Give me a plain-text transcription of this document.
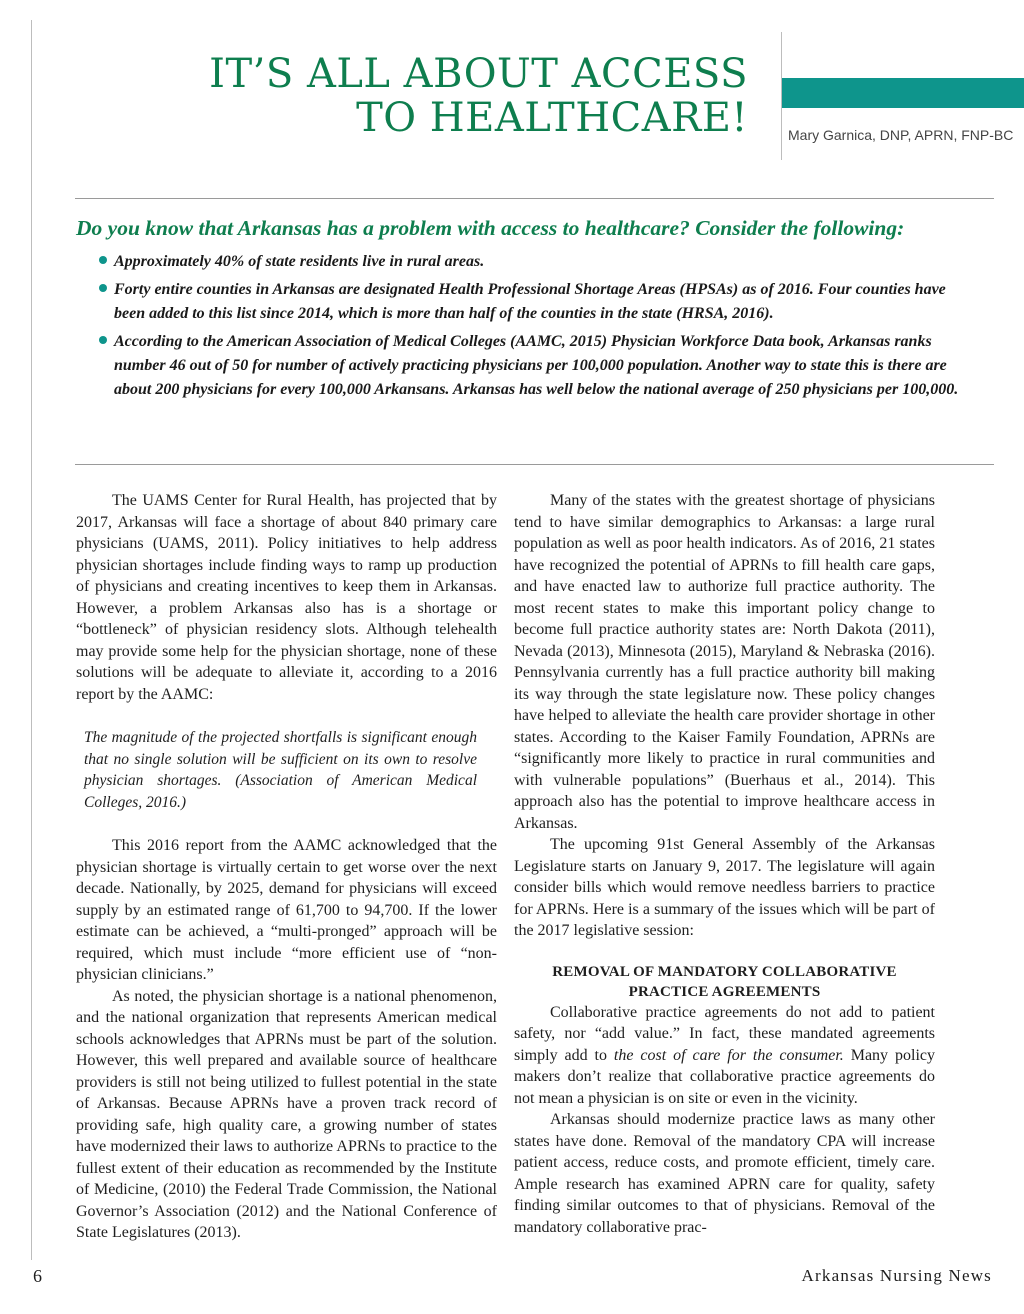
IT’S ALL ABOUT ACCESS
TO HEALTHCARE!	Mary Garnica, DNP, APRN, FNP-BC

Do you know that Arkansas has a problem with access to healthcare? Consider the following:

Approximately 40% of state residents live in rural areas.
Forty entire counties in Arkansas are designated Health Professional Shortage Areas (HPSAs) as of 2016. Four counties have been added to this list since 2014, which is more than half of the counties in the state (HRSA, 2016).
According to the American Association of Medical Colleges (AAMC, 2015) Physician Workforce Data book, Arkansas ranks number 46 out of 50 for number of actively practicing physicians per 100,000 population. Another way to state this is there are about 200 physicians for every 100,000 Arkansans. Arkansas has well below the national average of 250 physicians per 100,000.

The UAMS Center for Rural Health, has projected that by 2017, Arkansas will face a shortage of about 840 primary care physicians (UAMS, 2011). Policy initiatives to help address physician shortages include finding ways to ramp up production of physicians and creating incentives to keep them in Arkansas. However, a problem Arkansas also has is a shortage or “bottleneck” of physician residency slots. Although telehealth may provide some help for the physician shortage, none of these solutions will be adequate to alleviate it, according to a 2016 report by the AAMC:

The magnitude of the projected shortfalls is significant enough that no single solution will be sufficient on its own to resolve physician shortages. (Association of American Medical Colleges, 2016.)

This 2016 report from the AAMC acknowledged that the physician shortage is virtually certain to get worse over the next decade. Nationally, by 2025, demand for physicians will exceed supply by an estimated range of 61,700 to 94,700. If the lower estimate can be achieved, a “multi-pronged” approach will be required, which must include “more efficient use of “non-physician clinicians.”

As noted, the physician shortage is a national phenomenon, and the national organization that represents American medical schools acknowledges that APRNs must be part of the solution. However, this well prepared and available source of healthcare providers is still not being utilized to fullest potential in the state of Arkansas. Because APRNs have a proven track record of providing safe, high quality care, a growing number of states have modernized their laws to authorize APRNs to practice to the fullest extent of their education as recommended by the Institute of Medicine, (2010) the Federal Trade Commission, the National Governor’s Association (2012) and the National Conference of State Legislatures (2013).

Many of the states with the greatest shortage of physicians tend to have similar demographics to Arkansas: a large rural population as well as poor health indicators. As of 2016, 21 states have recognized the potential of APRNs to fill health care gaps, and have enacted law to authorize full practice authority. The most recent states to make this important policy change to become full practice authority states are: North Dakota (2011), Nevada (2013), Minnesota (2015), Maryland & Nebraska (2016). Pennsylvania currently has a full practice authority bill making its way through the state legislature now. These policy changes have helped to alleviate the health care provider shortage in other states. According to the Kaiser Family Foundation, APRNs are “significantly more likely to practice in rural communities and with vulnerable populations” (Buerhaus et al., 2014). This approach also has the potential to improve healthcare access in Arkansas.

The upcoming 91st General Assembly of the Arkansas Legislature starts on January 9, 2017. The legislature will again consider bills which would remove needless barriers to practice for APRNs. Here is a summary of the issues which will be part of the 2017 legislative session:

REMOVAL OF MANDATORY COLLABORATIVE
PRACTICE AGREEMENTS

Collaborative practice agreements do not add to patient safety, nor “add value.” In fact, these mandated agreements simply add to the cost of care for the consumer. Many policy makers don’t realize that collaborative practice agreements do not mean a physician is on site or even in the vicinity.

Arkansas should modernize practice laws as many other states have done. Removal of the mandatory CPA will increase patient access, reduce costs, and promote efficient, timely care. Ample research has examined APRN care for quality, safety finding similar outcomes to that of physicians. Removal of the mandatory collaborative prac-

6	Arkansas Nursing News
